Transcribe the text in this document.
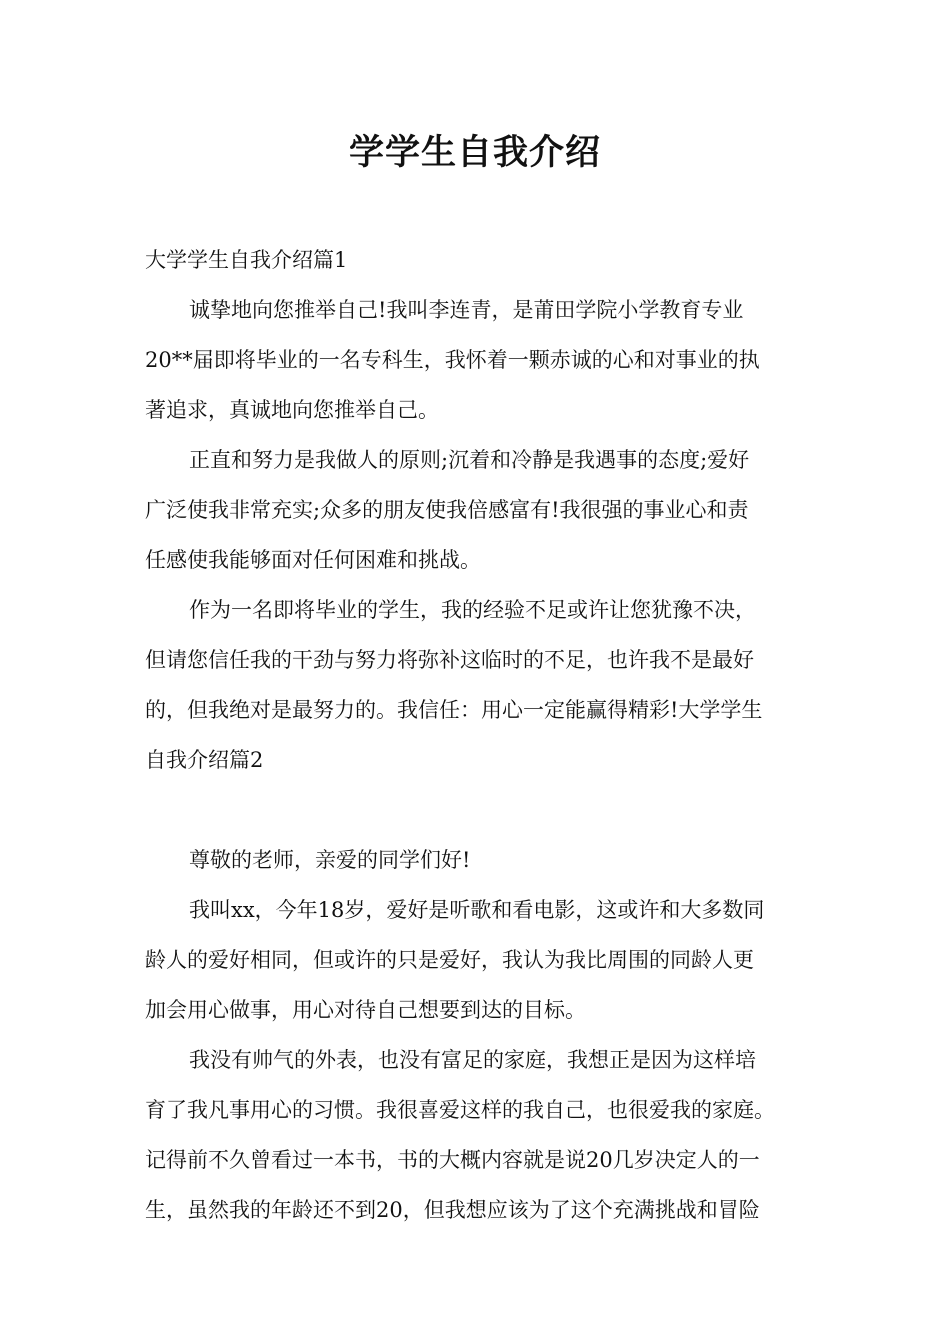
学学生自我介绍
大学学生自我介绍篇1
诚挚地向您推举自己!我叫李连青，是莆田学院小学教育专业
20**届即将毕业的一名专科生，我怀着一颗赤诚的心和对事业的执
著追求，真诚地向您推举自己。
正直和努力是我做人的原则;沉着和冷静是我遇事的态度;爱好
广泛使我非常充实;众多的朋友使我倍感富有!我很强的事业心和责
任感使我能够面对任何困难和挑战。
作为一名即将毕业的学生，我的经验不足或许让您犹豫不决，
但请您信任我的干劲与努力将弥补这临时的不足，也许我不是最好
的，但我绝对是最努力的。我信任：用心一定能赢得精彩!大学学生
自我介绍篇2
尊敬的老师，亲爱的同学们好!
我叫xx，今年18岁，爱好是听歌和看电影，这或许和大多数同
龄人的爱好相同，但或许的只是爱好，我认为我比周围的同龄人更
加会用心做事，用心对待自己想要到达的目标。
我没有帅气的外表，也没有富足的家庭，我想正是因为这样培
育了我凡事用心的习惯。我很喜爱这样的我自己，也很爱我的家庭。
记得前不久曾看过一本书，书的大概内容就是说20几岁决定人的一
生，虽然我的年龄还不到20，但我想应该为了这个充满挑战和冒险
